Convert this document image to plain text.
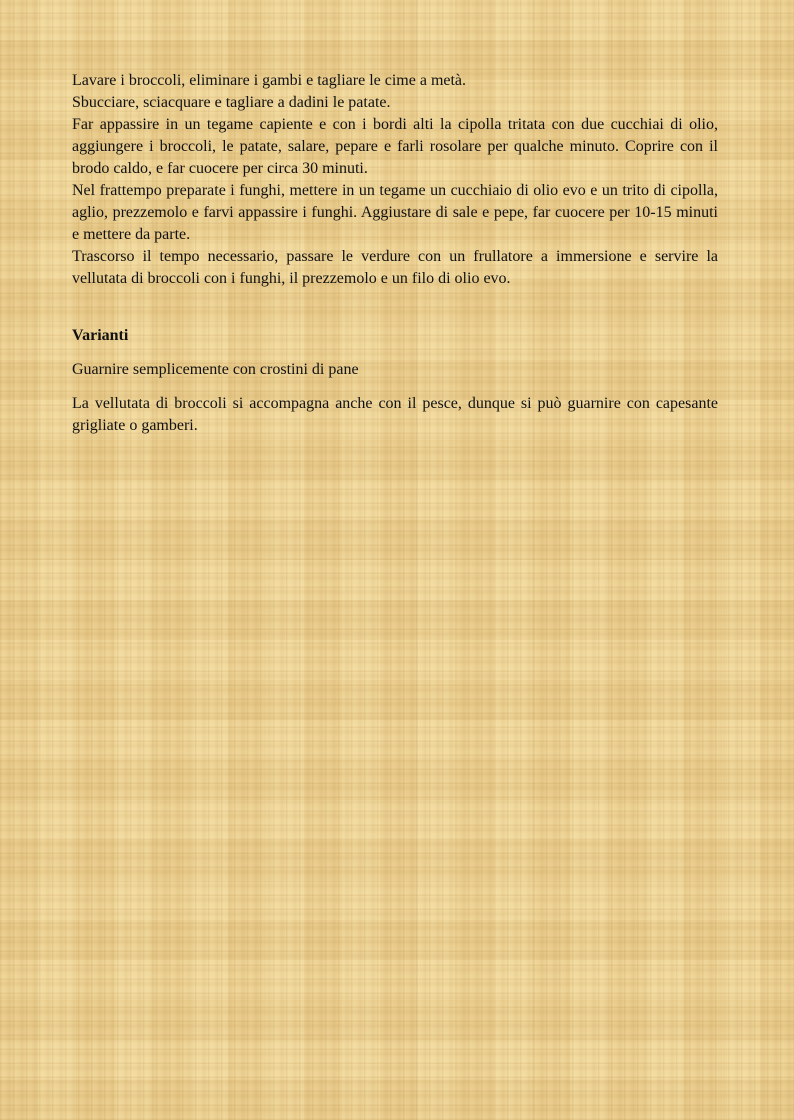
Lavare i broccoli, eliminare i gambi e tagliare le cime a metà.

Sbucciare, sciacquare e tagliare a dadini le patate.

Far appassire in un tegame capiente e con i bordi alti la cipolla tritata con due cucchiai di olio, aggiungere i broccoli, le patate, salare, pepare e farli rosolare per qualche minuto. Coprire con il brodo caldo, e far cuocere per circa 30 minuti.

Nel frattempo preparate i funghi, mettere in un tegame un cucchiaio di olio evo e un trito di cipolla, aglio, prezzemolo e farvi appassire i funghi. Aggiustare di sale e pepe, far cuocere per 10-15 minuti e mettere da parte.

Trascorso il tempo necessario, passare le verdure con un frullatore a immersione e servire la vellutata di broccoli con i funghi, il prezzemolo e un filo di olio evo.

Varianti

Guarnire semplicemente con crostini di pane

La vellutata di broccoli si accompagna anche con il pesce, dunque si può guarnire con capesante grigliate o gamberi.
